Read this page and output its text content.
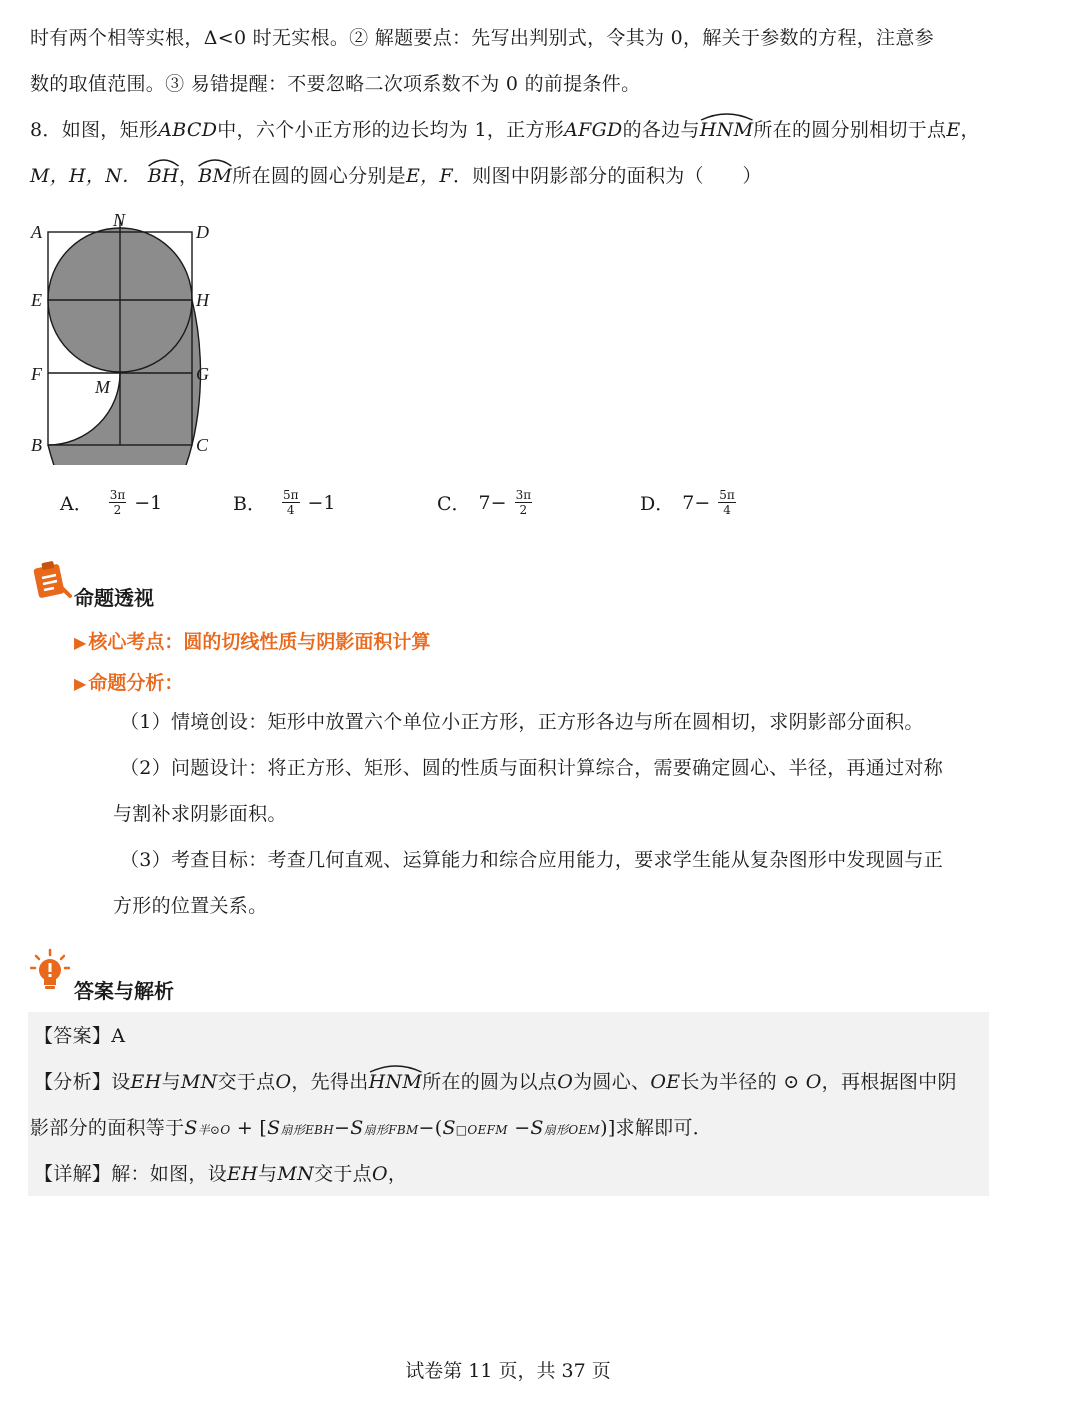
时有两个相等实根，Δ<0 时无实根。② 解题要点：先写出判别式，令其为 0，解关于参数的方程，注意参
数的取值范围。③ 易错提醒：不要忽略二次项系数不为 0 的前提条件。
8．如图，矩形ABCD中，六个小正方形的边长均为 1，正方形AFGD的各边与
HNM所在的圆分别相切于点E，
M，H，N． BH，
BM所在圆的圆心分别是E，F．则图中阴影部分的面积为（　　）
A
N
D
E	H
F
M
G
B	C
A． $\frac{3\pi}{2} -1$	B． $\frac{5\pi}{4} -1$	C． $7- \frac{3\pi}{2}$	D． $7- \frac{5\pi}{4}$
命题透视
▶ 核心考点：圆的切线性质与阴影面积计算
▶ 命题分析：
（1）情境创设：矩形中放置六个单位小正方形，正方形各边与所在圆相切，求阴影部分面积。
（2）问题设计：将正方形、矩形、圆的性质与面积计算综合，需要确定圆心、半径，再通过对称
与割补求阴影面积。
（3）考查目标：考查几何直观、运算能力和综合应用能力，要求学生能从复杂图形中发现圆与正
方形的位置关系。
答案与解析
【答案】A
【分析】设EH与MN交于点O，先得出
HNM所在的圆为以点O为圆心、OE长为半径的 ⊙ O，再根据图中阴
影部分的面积等于S半⊙O + [S扇形EBH−S扇形FBM−(S□OEFM −S扇形OEM)]求解即可．
【详解】解：如图，设EH与MN交于点O，
试卷第 11 页，共 37 页
